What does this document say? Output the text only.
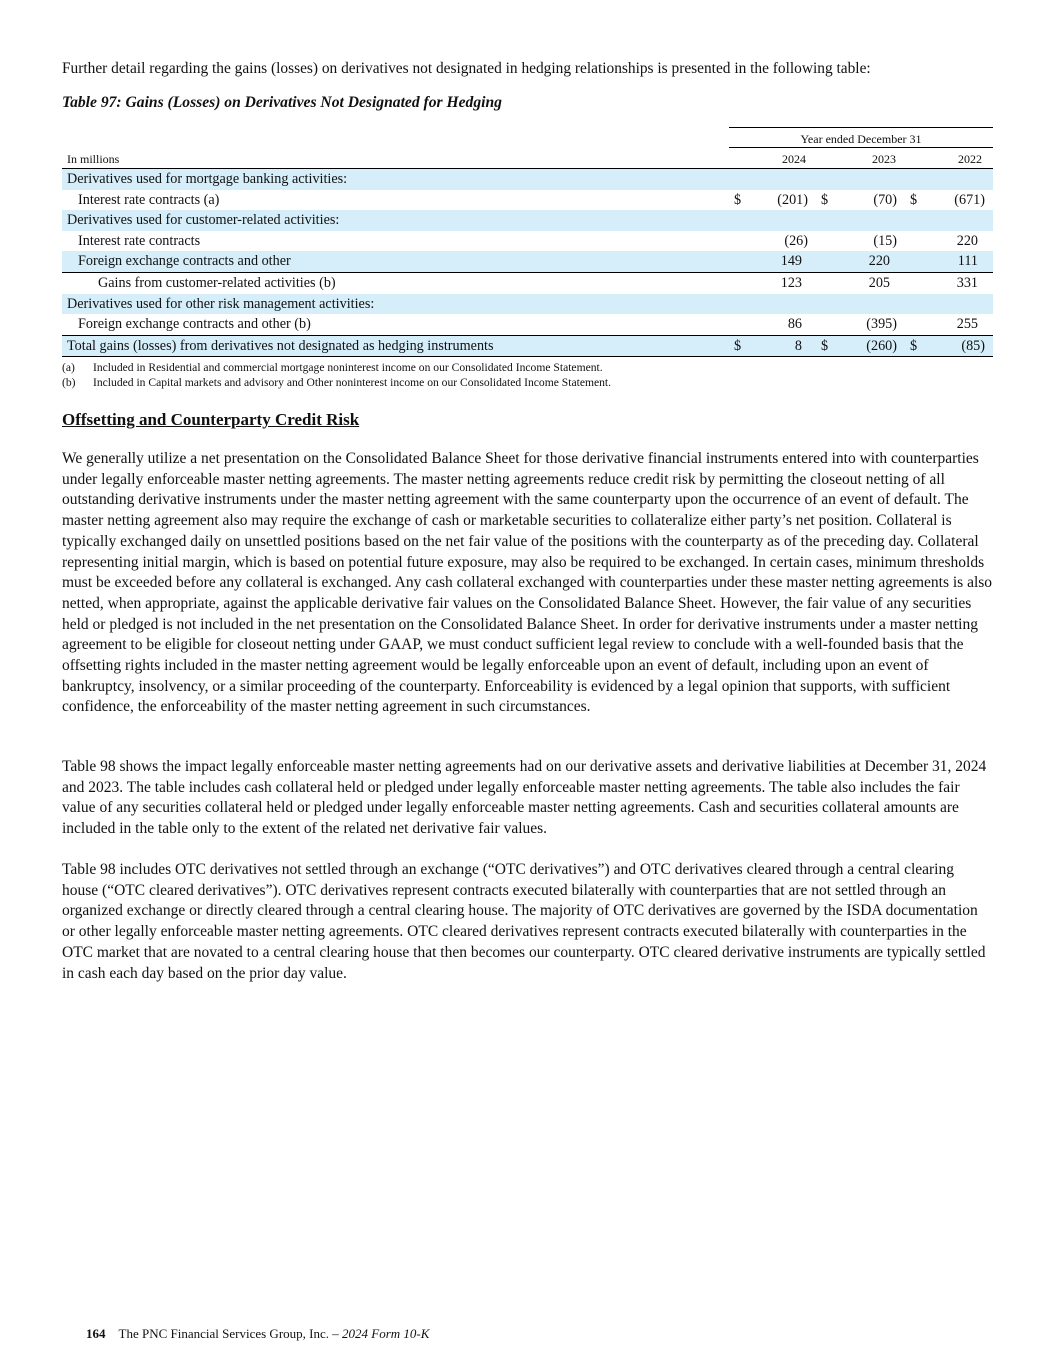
Further detail regarding the gains (losses) on derivatives not designated in hedging relationships is presented in the following table:

Table 97: Gains (Losses) on Derivatives Not Designated for Hedging

Year ended December 31
In millions	2024	2023	2022
Derivatives used for mortgage banking activities:
Interest rate contracts (a)	$	(201) $	(70) $	(671)
Derivatives used for customer-related activities:
Interest rate contracts	(26)	(15)	220
Foreign exchange contracts and other	149	220	111
Gains from customer-related activities (b)	123	205	331
Derivatives used for other risk management activities:
Foreign exchange contracts and other (b)	86	(395)	255
Total gains (losses) from derivatives not designated as hedging instruments	$	8 $	(260) $	(85)
(a) Included in Residential and commercial mortgage noninterest income on our Consolidated Income Statement.
(b) Included in Capital markets and advisory and Other noninterest income on our Consolidated Income Statement.
Offsetting and Counterparty Credit Risk

We generally utilize a net presentation on the Consolidated Balance Sheet for those derivative financial instruments entered into with counterparties under legally enforceable master netting agreements. The master netting agreements reduce credit risk by permitting the closeout netting of all outstanding derivative instruments under the master netting agreement with the same counterparty upon the occurrence of an event of default. The master netting agreement also may require the exchange of cash or marketable securities to collateralize either party’s net position. Collateral is typically exchanged daily on unsettled positions based on the net fair value of the positions with the counterparty as of the preceding day. Collateral representing initial margin, which is based on potential future exposure, may also be required to be exchanged. In certain cases, minimum thresholds must be exceeded before any collateral is exchanged. Any cash collateral exchanged with counterparties under these master netting agreements is also netted, when appropriate, against the applicable derivative fair values on the Consolidated Balance Sheet. However, the fair value of any securities held or pledged is not included in the net presentation on the Consolidated Balance Sheet. In order for derivative instruments under a master netting agreement to be eligible for closeout netting under GAAP, we must conduct sufficient legal review to conclude with a well-founded basis that the offsetting rights included in the master netting agreement would be legally enforceable upon an event of default, including upon an event of bankruptcy, insolvency, or a similar proceeding of the counterparty. Enforceability is evidenced by a legal opinion that supports, with sufficient confidence, the enforceability of the master netting agreement in such circumstances.

Table 98 shows the impact legally enforceable master netting agreements had on our derivative assets and derivative liabilities at December 31, 2024 and 2023. The table includes cash collateral held or pledged under legally enforceable master netting agreements. The table also includes the fair value of any securities collateral held or pledged under legally enforceable master netting agreements. Cash and securities collateral amounts are included in the table only to the extent of the related net derivative fair values.

Table 98 includes OTC derivatives not settled through an exchange (“OTC derivatives”) and OTC derivatives cleared through a central clearing house (“OTC cleared derivatives”). OTC derivatives represent contracts executed bilaterally with counterparties that are not settled through an organized exchange or directly cleared through a central clearing house. The majority of OTC derivatives are governed by the ISDA documentation or other legally enforceable master netting agreements. OTC cleared derivatives represent contracts executed bilaterally with counterparties in the OTC market that are novated to a central clearing house that then becomes our counterparty. OTC cleared derivative instruments are typically settled in cash each day based on the prior day value.

164 The PNC Financial Services Group, Inc. – 2024 Form 10-K
